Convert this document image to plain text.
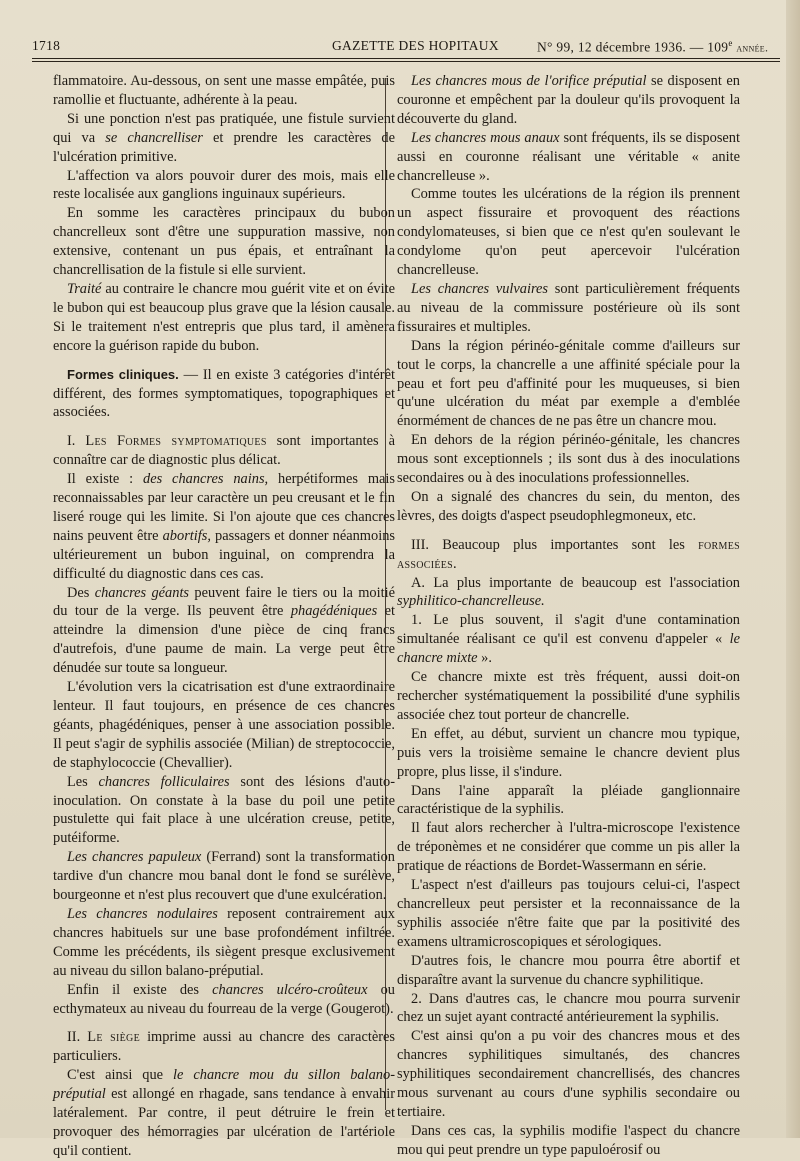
1718	GAZETTE DES HOPITAUX	N° 99, 12 décembre 1936. — 109e année.

flammatoire. Au-dessous, on sent une masse empâtée, puis ramollie et fluctuante, adhérente à la peau.

Si une ponction n'est pas pratiquée, une fistule survient qui va se chancrelliser et prendre les caractères de l'ulcération primitive.

L'affection va alors pouvoir durer des mois, mais elle reste localisée aux ganglions inguinaux supérieurs.

En somme les caractères principaux du bubon chancrelleux sont d'être une suppuration massive, non extensive, contenant un pus épais, et entraînant la chancrellisation de la fistule si elle survient.

Traité au contraire le chancre mou guérit vite et on évite le bubon qui est beaucoup plus grave que la lésion causale. Si le traitement n'est entrepris que plus tard, il amènera encore la guérison rapide du bubon.

Formes cliniques. — Il en existe 3 catégories d'intérêt différent, des formes symptomatiques, topographiques et associées.

I. Les Formes symptomatiques sont importantes à connaître car de diagnostic plus délicat.

Il existe : des chancres nains, herpétiformes mais reconnaissables par leur caractère un peu creusant et le fin liseré rouge qui les limite. Si l'on ajoute que ces chancres nains peuvent être abortifs, passagers et donner néanmoins ultérieurement un bubon inguinal, on comprendra la difficulté du diagnostic dans ces cas.

Des chancres géants peuvent faire le tiers ou la moitié du tour de la verge. Ils peuvent être phagédéniques et atteindre la dimension d'une pièce de cinq francs d'autrefois, d'une paume de main. La verge peut être dénudée sur toute sa longueur.

L'évolution vers la cicatrisation est d'une extraordinaire lenteur. Il faut toujours, en présence de ces chancres géants, phagédéniques, penser à une association possible. Il peut s'agir de syphilis associée (Milian) de streptococcie, de staphylococcie (Chevallier).

Les chancres folliculaires sont des lésions d'auto-inoculation. On constate à la base du poil une petite pustulette qui fait place à une ulcération creuse, petite, putéiforme.

Les chancres papuleux (Ferrand) sont la transformation tardive d'un chancre mou banal dont le fond se surélève, bourgeonne et n'est plus recouvert que d'une exulcération.

Les chancres nodulaires reposent contrairement aux chancres habituels sur une base profondément infiltrée. Comme les précédents, ils siègent presque exclusivement au niveau du sillon balano-préputial.

Enfin il existe des chancres ulcéro-croûteux ou ecthymateux au niveau du fourreau de la verge (Gougerot).

II. Le siège imprime aussi au chancre des caractères particuliers.

C'est ainsi que le chancre mou du sillon balano-préputial est allongé en rhagade, sans tendance à envahir latéralement. Par contre, il peut détruire le frein et provoquer des hémorragies par ulcération de l'artériole qu'il contient.

Les chancres mous de l'orifice préputial se disposent en couronne et empêchent par la douleur qu'ils provoquent la découverte du gland.

Les chancres mous anaux sont fréquents, ils se disposent aussi en couronne réalisant une véritable « anite chancrelleuse ».

Comme toutes les ulcérations de la région ils prennent un aspect fissuraire et provoquent des réactions condylomateuses, si bien que ce n'est qu'en soulevant le condylome qu'on peut apercevoir l'ulcération chancrelleuse.

Les chancres vulvaires sont particulièrement fréquents au niveau de la commissure postérieure où ils sont fissuraires et multiples.

Dans la région périnéo-génitale comme d'ailleurs sur tout le corps, la chancrelle a une affinité spéciale pour la peau et fort peu d'affinité pour les muqueuses, si bien qu'une ulcération du méat par exemple a d'emblée énormément de chances de ne pas être un chancre mou.

En dehors de la région périnéo-génitale, les chancres mous sont exceptionnels ; ils sont dus à des inoculations secondaires ou à des inoculations professionnelles.

On a signalé des chancres du sein, du menton, des lèvres, des doigts d'aspect pseudophlegmoneux, etc.

III. Beaucoup plus importantes sont les formes associées.

A. La plus importante de beaucoup est l'association syphilitico-chancrelleuse.

1. Le plus souvent, il s'agit d'une contamination simultanée réalisant ce qu'il est convenu d'appeler « le chancre mixte ».

Ce chancre mixte est très fréquent, aussi doit-on rechercher systématiquement la possibilité d'une syphilis associée chez tout porteur de chancrelle.

En effet, au début, survient un chancre mou typique, puis vers la troisième semaine le chancre devient plus propre, plus lisse, il s'indure.

Dans l'aine apparaît la pléiade ganglionnaire caractéristique de la syphilis.

Il faut alors rechercher à l'ultra-microscope l'existence de tréponèmes et ne considérer que comme un pis aller la pratique de réactions de Bordet-Wassermann en série.

L'aspect n'est d'ailleurs pas toujours celui-ci, l'aspect chancrelleux peut persister et la reconnaissance de la syphilis associée n'être faite que par la positivité des examens ultramicroscopiques et sérologiques.

D'autres fois, le chancre mou pourra être abortif et disparaître avant la survenue du chancre syphilitique.

2. Dans d'autres cas, le chancre mou pourra survenir chez un sujet ayant contracté antérieurement la syphilis.

C'est ainsi qu'on a pu voir des chancres mous et des chancres syphilitiques simultanés, des chancres syphilitiques secondairement chancrellisés, des chancres mous survenant au cours d'une syphilis secondaire ou tertiaire.

Dans ces cas, la syphilis modifie l'aspect du chancre mou qui peut prendre un type papuloérosif ou
